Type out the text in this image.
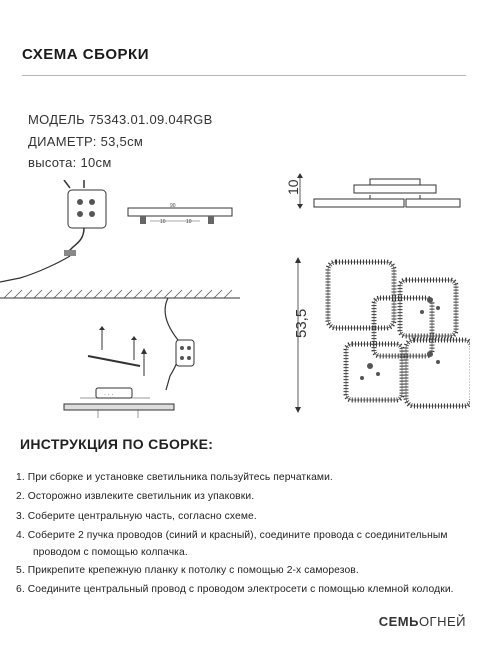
СХЕМА СБОРКИ
МОДЕЛЬ 75343.01.09.04RGB
ДИАМЕТР: 53,5см
высота: 10см
10	10
90
· · ·
10
53,5
ИНСТРУКЦИЯ ПО СБОРКЕ:
1. При сборке и установке светильника пользуйтесь перчатками.
2. Осторожно извлеките светильник из упаковки.
3. Соберите центральную часть, согласно схеме.
4. Соберите 2 пучка проводов (синий и красный), соедините провода с соединительным
проводом с помощью колпачка.
5. Прикрепите крепежную планку к потолку с помощью 2-х саморезов.
6. Соедините центральный провод с проводом электросети с помощью клемной колодки.
СЕМЬОГНЕЙ
